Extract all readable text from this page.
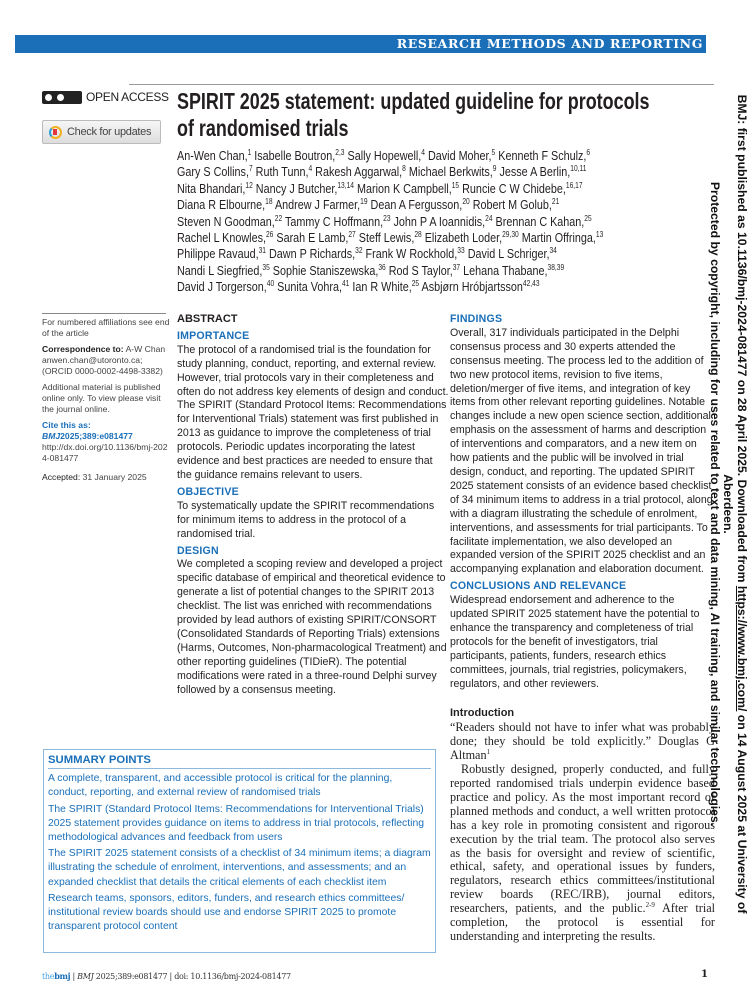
RESEARCH METHODS AND REPORTING
OPEN ACCESS
Check for updates
SPIRIT 2025 statement: updated guideline for protocols of randomised trials
An-Wen Chan,$^1$ Isabelle Boutron,$^{2,3}$ Sally Hopewell,$^4$ David Moher,$^5$ Kenneth F Schulz,$^6$
Gary S Collins,$^7$ Ruth Tunn,$^4$ Rakesh Aggarwal,$^8$ Michael Berkwits,$^9$ Jesse A Berlin,$^{10,11}$
Nita Bhandari,$^{12}$ Nancy J Butcher,$^{13,14}$ Marion K Campbell,$^{15}$ Runcie C W Chidebe,$^{16,17}$
Diana R Elbourne,$^{18}$ Andrew J Farmer,$^{19}$ Dean A Fergusson,$^{20}$ Robert M Golub,$^{21}$
Steven N Goodman,$^{22}$ Tammy C Hoffmann,$^{23}$ John P A Ioannidis,$^{24}$ Brennan C Kahan,$^{25}$
Rachel L Knowles,$^{26}$ Sarah E Lamb,$^{27}$ Steff Lewis,$^{28}$ Elizabeth Loder,$^{29,30}$ Martin Offringa,$^{13}$
Philippe Ravaud,$^{31}$ Dawn P Richards,$^{32}$ Frank W Rockhold,$^{33}$ David L Schriger,$^{34}$
Nandi L Siegfried,$^{35}$ Sophie Staniszewska,$^{36}$ Rod S Taylor,$^{37}$ Lehana Thabane,$^{38,39}$
David J Torgerson,$^{40}$ Sunita Vohra,$^{41}$ Ian R White,$^{25}$ Asbjørn Hróbjartsson$^{42,43}$

For numbered affiliations see end of the article

Correspondence to: A-W Chan
anwen.chan@utoronto.ca;
(ORCID 0000-0002-4498-3382)

Additional material is published online only. To view please visit the journal online.

Cite this as: BMJ2025;389:e081477
http://dx.doi.org/10.1136/bmj-2024-081477

Accepted: 31 January 2025

ABSTRACT
IMPORTANCE

The protocol of a randomised trial is the foundation for study planning, conduct, reporting, and external review. However, trial protocols vary in their completeness and often do not address key elements of design and conduct. The SPIRIT (Standard Protocol Items: Recommendations for Interventional Trials) statement was first published in 2013 as guidance to improve the completeness of trial protocols. Periodic updates incorporating the latest evidence and best practices are needed to ensure that the guidance remains relevant to users.

OBJECTIVE

To systematically update the SPIRIT recommendations for minimum items to address in the protocol of a randomised trial.

DESIGN

We completed a scoping review and developed a project specific database of empirical and theoretical evidence to generate a list of potential changes to the SPIRIT 2013 checklist. The list was enriched with recommendations provided by lead authors of existing SPIRIT/CONSORT (Consolidated Standards of Reporting Trials) extensions (Harms, Outcomes, Non-pharmacological Treatment) and other reporting guidelines (TIDieR). The potential modifications were rated in a three-round Delphi survey followed by a consensus meeting.

FINDINGS

Overall, 317 individuals participated in the Delphi consensus process and 30 experts attended the consensus meeting. The process led to the addition of two new protocol items, revision to five items, deletion/merger of five items, and integration of key items from other relevant reporting guidelines. Notable changes include a new open science section, additional emphasis on the assessment of harms and description of interventions and comparators, and a new item on how patients and the public will be involved in trial design, conduct, and reporting. The updated SPIRIT 2025 statement consists of an evidence based checklist of 34 minimum items to address in a trial protocol, along with a diagram illustrating the schedule of enrolment, interventions, and assessments for trial participants. To facilitate implementation, we also developed an expanded version of the SPIRIT 2025 checklist and an accompanying explanation and elaboration document.

CONCLUSIONS AND RELEVANCE

Widespread endorsement and adherence to the updated SPIRIT 2025 statement have the potential to enhance the transparency and completeness of trial protocols for the benefit of investigators, trial participants, patients, funders, research ethics committees, journals, trial registries, policymakers, regulators, and other reviewers.

Introduction

“Readers should not have to infer what was probably done; they should be told explicitly.” Douglas G Altman$^1$

Robustly designed, properly conducted, and fully reported randomised trials underpin evidence based practice and policy. As the most important record of planned methods and conduct, a well written protocol has a key role in promoting consistent and rigorous execution by the trial team. The protocol also serves as the basis for oversight and review of scientific, ethical, safety, and operational issues by funders, regulators, research ethics committees/institutional review boards (REC/IRB), journal editors, researchers, patients, and the public.$^{2-9}$ After trial completion, the protocol is essential for understanding and interpreting the results.

SUMMARY POINTS

A complete, transparent, and accessible protocol is critical for the planning, conduct, reporting, and external review of randomised trials

The SPIRIT (Standard Protocol Items: Recommendations for Interventional Trials) 2025 statement provides guidance on items to address in trial protocols, reflecting methodological advances and feedback from users

The SPIRIT 2025 statement consists of a checklist of 34 minimum items; a diagram illustrating the schedule of enrolment, interventions, and assessments; and an expanded checklist that details the critical elements of each checklist item

Research teams, sponsors, editors, funders, and research ethics committees/ institutional review boards should use and endorse SPIRIT 2025 to promote transparent protocol content

thebmj | BMJ 2025;389:e081477 | doi: 10.1136/bmj-2024-081477	1
BMJ: first published as 10.1136/bmj-2024-081477 on 28 April 2025. Downloaded from https://www.bmj.com/ on 14 August 2025 at University of Aberdeen.
Protected by copyright, including for uses related to text and data mining, AI training, and similar technologies.
